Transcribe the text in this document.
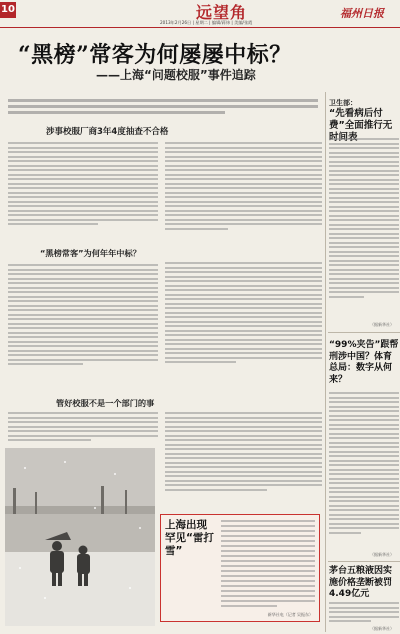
10	远望角
2013年2月26日 | 星期二 | 编辑/蒋炜 | 美编/张霞
福州日报
“黑榜”常客为何屡屡中标？
——上海“问题校服”事件追踪
涉事校服厂商3年4度抽查不合格
“黑榜常客”为何年年中标？
管好校服不是一个部门的事
卫生部：
“先看病后付费”全面推行无
（据新华社）
“99%夹告”跟帮刑涉中国？体育总局：数字从何来？
（据新华社）
茅台五粮液因实施价格垄断被罚4.49亿元
（据新华社）
上海出现罕见“雷打雪”
新华社电（记者 吴振东）
